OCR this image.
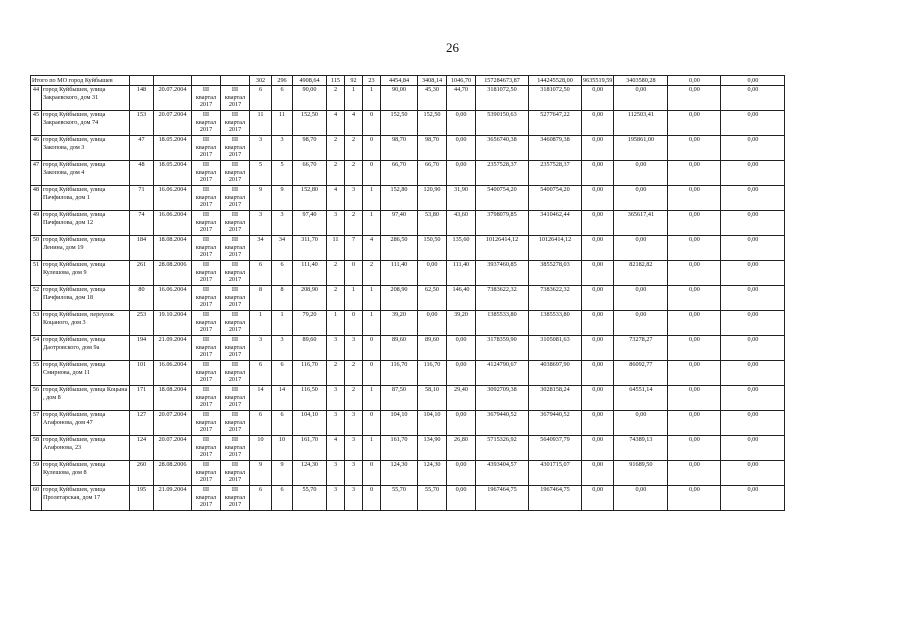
26
Итого по МО город Куйбышев						302	296	4908,64	115	92	23	4454,84	3408,14	1046,70	157284673,87	144245528,00	9635519,59	3403580,28	0,00	0,00
44	город Куйбышев, улица Закраевского, дом 31	148	20.07.2004	III квартал 2017	III квартал 2017	6	6	90,00	2	1	1	90,00	45,30	44,70	3181072,50	3181072,50	0,00	0,00	0,00	0,00
45	город Куйбышев, улица Закраевского, дом 74	153	20.07.2004	III квартал 2017	III квартал 2017	11	11	152,50	4	4	0	152,50	152,50	0,00	5390150,63	5277647,22	0,00	112503,41	0,00	0,00
46	город Куйбышев, улица Закопова, дом 3	47	18.05.2004	III квартал 2017	III квартал 2017	3	3	98,70	2	2	0	98,70	98,70	0,00	3656740,38	3460879,38	0,00	195861,00	0,00	0,00
47	город Куйбышев, улица Закопова, дом 4	48	18.05.2004	III квартал 2017	III квартал 2017	5	5	66,70	2	2	0	66,70	66,70	0,00	2357528,37	2357528,37	0,00	0,00	0,00	0,00
48	город Куйбышев, улица Пачфилова, дом 1	71	16.06.2004	III квартал 2017	III квартал 2017	9	9	152,80	4	3	1	152,80	120,90	31,90	5400754,20	5400754,20	0,00	0,00	0,00	0,00
49	город Куйбышев, улица Пачфилова, дом 12	74	16.06.2004	III квартал 2017	III квартал 2017	3	3	97,40	3	2	1	97,40	53,80	43,60	3798079,85	3410462,44	0,00	365617,41	0,00	0,00
50	город Куйбышев, улица Ленина, дом 19	184	18.08.2004	III квартал 2017	III квартал 2017	34	34	311,70	11	7	4	286,50	150,50	135,60	10126414,12	10126414,12	0,00	0,00	0,00	0,00
51	город Куйбышев, улица Кулешова, дом 9	261	28.08.2006	III квартал 2017	III квартал 2017	6	6	111,40	2	0	2	111,40	0,00	111,40	3937460,85	3855278,03	0,00	82182,82	0,00	0,00
52	город Куйбышев, улица Пачфилова, дом 18	80	16.06.2004	III квартал 2017	III квартал 2017	8	8	208,90	2	1	1	208,90	62,50	146,40	7383622,32	7383622,32	0,00	0,00	0,00	0,00
53	город Куйбышев, переулок Коцаного, дом 3	253	19.10.2004	III квартал 2017	III квартал 2017	1	1	79,20	1	0	1	39,20	0,00	39,20	1385533,80	1385533,80	0,00	0,00	0,00	0,00
54	город Куйбышев, улица Даотровского, дом 9а	194	21.09.2004	III квартал 2017	III квартал 2017	3	3	89,60	3	3	0	89,60	89,60	0,00	3178359,90	3105081,63	0,00	73278,27	0,00	0,00
55	город Куйбышев, улица Смирнова, дом 11	101	16.06.2004	III квартал 2017	III квартал 2017	6	6	116,70	2	2	0	116,70	116,70	0,00	4124790,67	4038697,90	0,00	86092,77	0,00	0,00
56	город Куйбышев, улица Коцына , дом 8	171	18.08.2004	III квартал 2017	III квартал 2017	14	14	116,50	3	2	1	87,50	58,10	29,40	3092709,38	3028158,24	0,00	64551,14	0,00	0,00
57	город Куйбышев, улица Агафонова, дом 47	127	20.07.2004	III квартал 2017	III квартал 2017	6	6	104,10	3	3	0	104,10	104,10	0,00	3679440,52	3679440,52	0,00	0,00	0,00	0,00
58	город Куйбышев, улица Агафонова, 23	124	20.07.2004	III квартал 2017	III квартал 2017	10	10	161,70	4	3	1	161,70	134,90	26,80	5715326,92	5640937,79	0,00	74389,13	0,00	0,00
59	город Куйбышев, улица Кулешова, дом 8	260	28.08.2006	III квартал 2017	III квартал 2017	9	9	124,30	3	3	0	124,30	124,30	0,00	4393404,57	4301715,07	0,00	91689,50	0,00	0,00
60	город Куйбышев, улица Пролетарская, дом 17	195	21.09.2004	III квартал 2017	III квартал 2017	6	6	55,70	3	3	0	55,70	55,70	0,00	1967464,75	1967464,75	0,00	0,00	0,00	0,00
